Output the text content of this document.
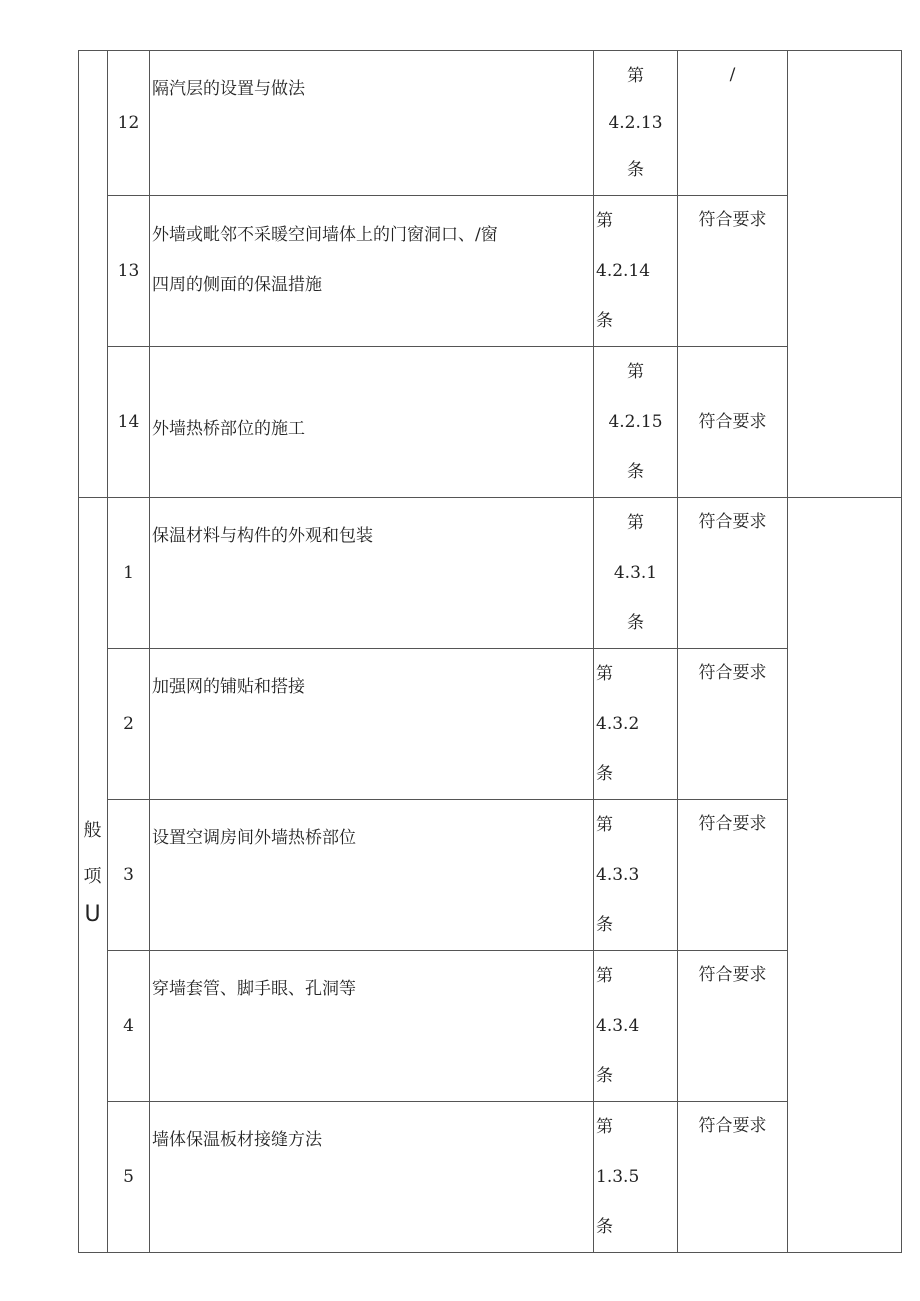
	12	隔汽层的设置与做法	第
4.2.13
条	/	
	13	外墙或毗邻不采暖空间墙体上的门窗洞口、/窗
四周的侧面的保温措施	第
4.2.14
条	符合要求	
	14	外墙热桥部位的施工	第
4.2.15
条	符合要求	
	1	保温材料与构件的外观和包装	第
4.3.1
条	符合要求	
	2	加强网的铺贴和搭接	第
4.3.2
条	符合要求	
	3	设置空调房间外墙热桥部位	第
4.3.3
条	符合要求	
	4	穿墙套管、脚手眼、孔洞等	第
4.3.4
条	符合要求	
	5	墙体保温板材接缝方法	第
1.3.5
条	符合要求	
般
项
U
